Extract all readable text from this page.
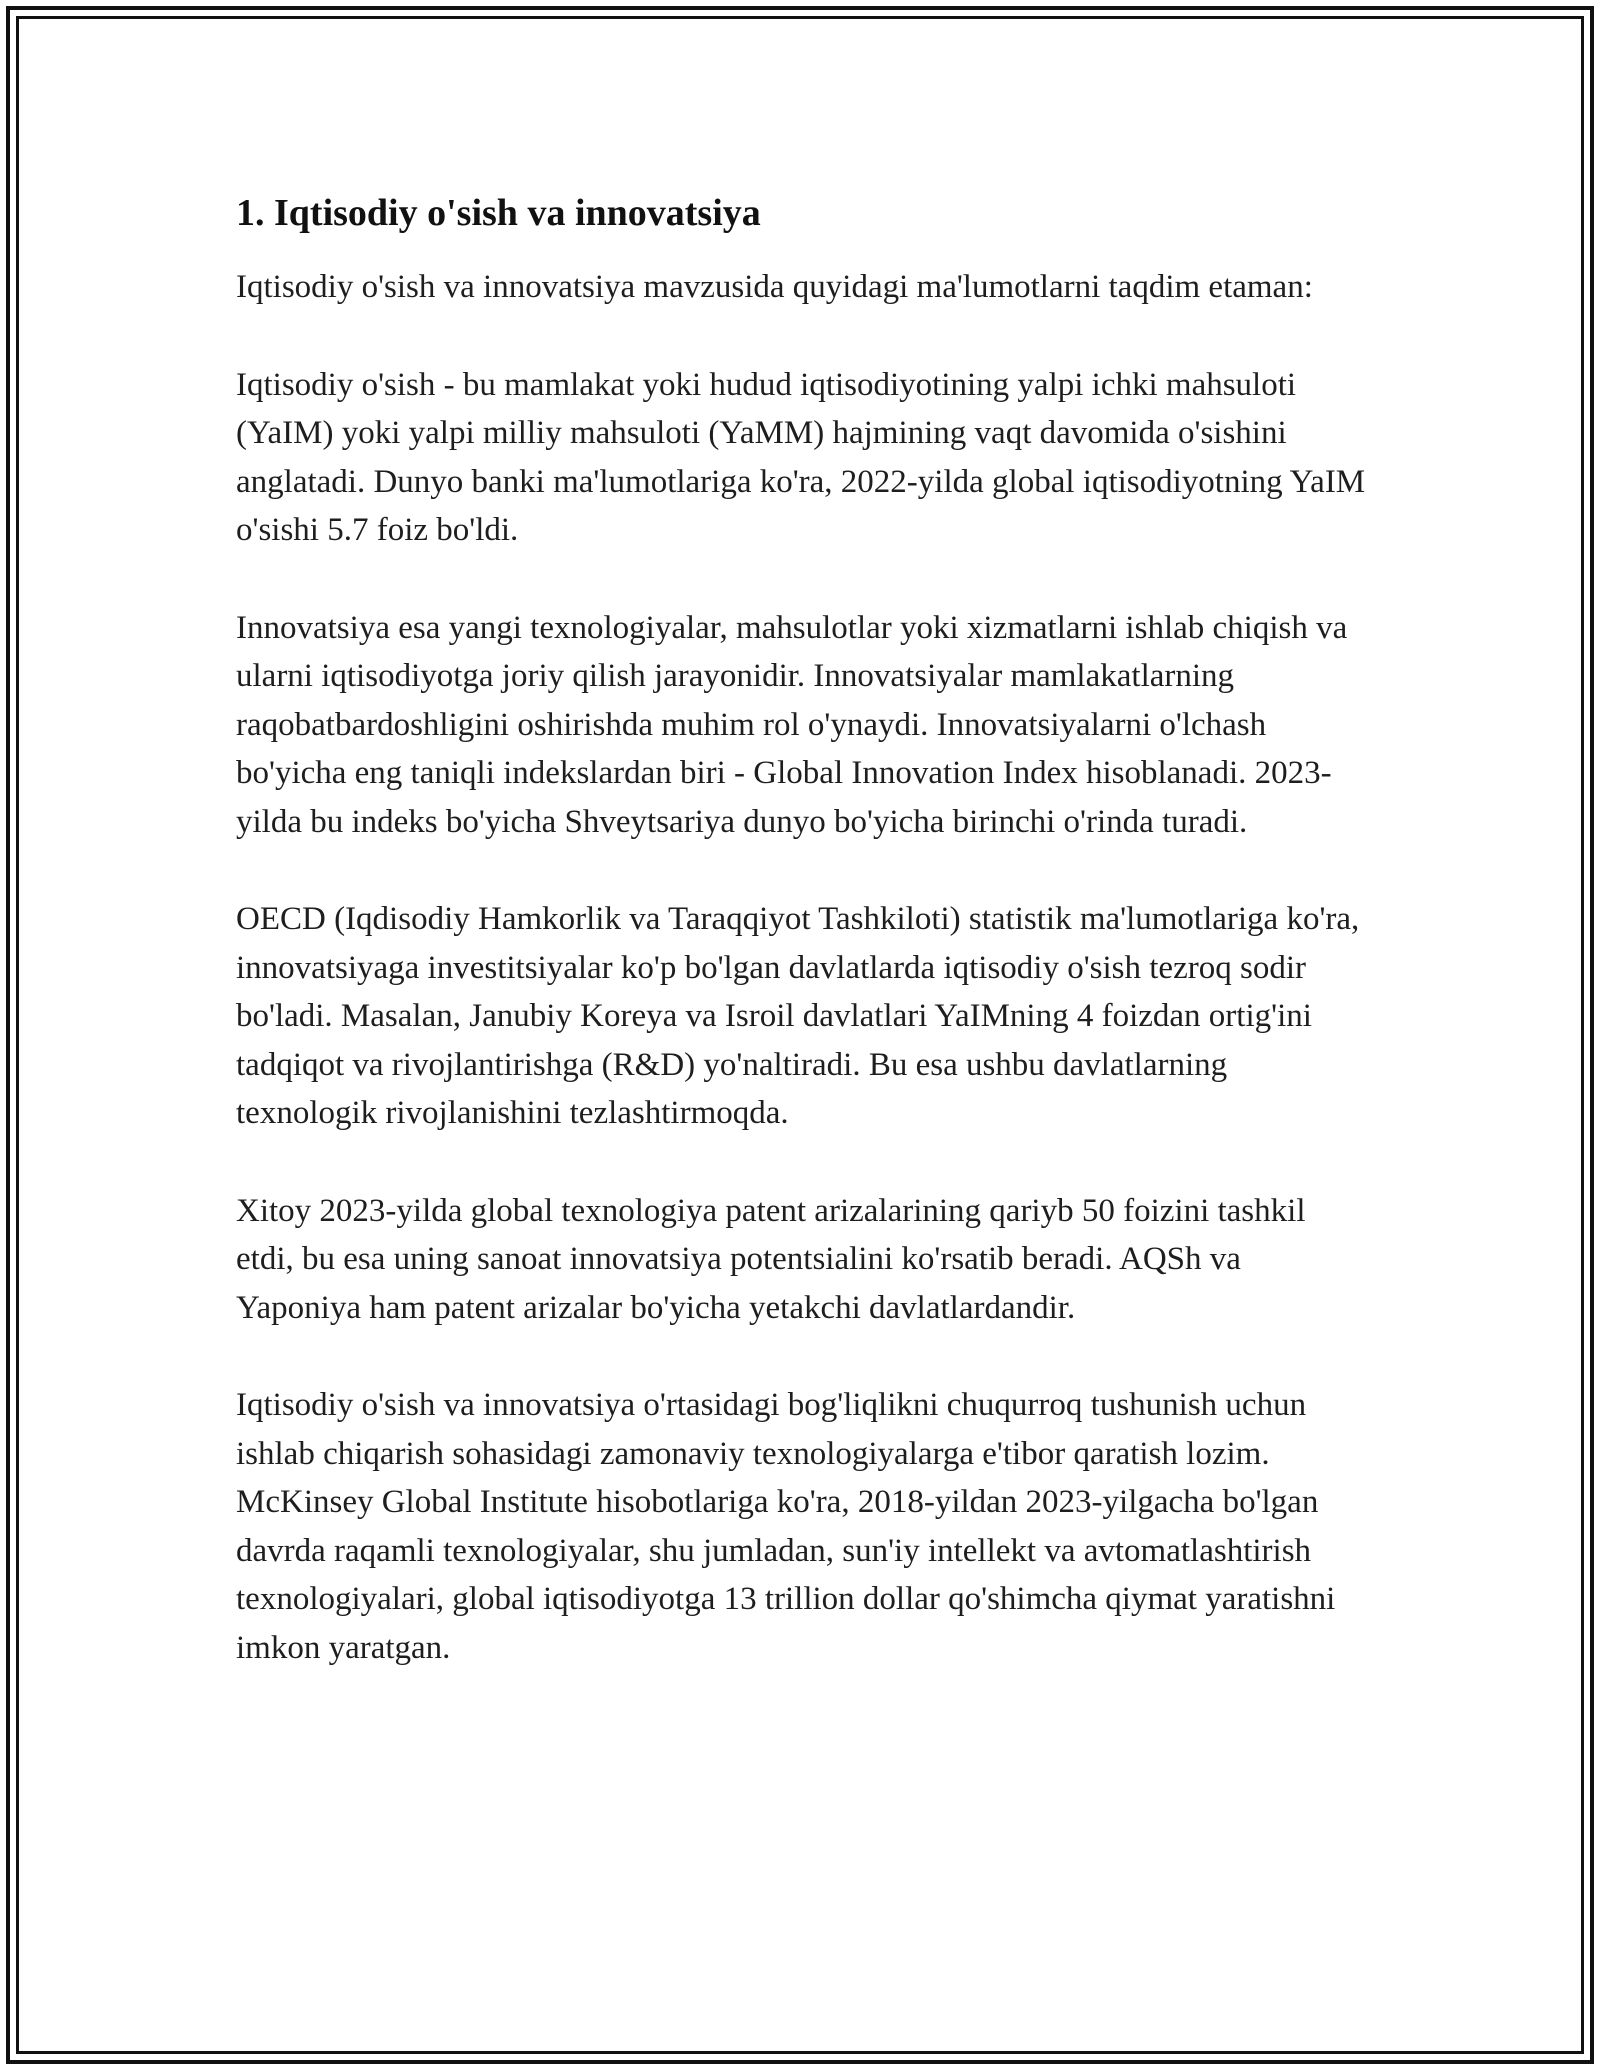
1. Iqtisodiy o'sish va innovatsiya

Iqtisodiy o'sish va innovatsiya mavzusida quyidagi ma'lumotlarni taqdim etaman:

Iqtisodiy o'sish - bu mamlakat yoki hudud iqtisodiyotining yalpi ichki mahsuloti (YaIM) yoki yalpi milliy mahsuloti (YaMM) hajmining vaqt davomida o'sishini anglatadi. Dunyo banki ma'lumotlariga ko'ra, 2022-yilda global iqtisodiyotning YaIM o'sishi 5.7 foiz bo'ldi.

Innovatsiya esa yangi texnologiyalar, mahsulotlar yoki xizmatlarni ishlab chiqish va ularni iqtisodiyotga joriy qilish jarayonidir. Innovatsiyalar mamlakatlarning raqobatbardoshligini oshirishda muhim rol o'ynaydi. Innovatsiyalarni o'lchash bo'yicha eng taniqli indekslardan biri - Global Innovation Index hisoblanadi. 2023-yilda bu indeks bo'yicha Shveytsariya dunyo bo'yicha birinchi o'rinda turadi.

OECD (Iqdisodiy Hamkorlik va Taraqqiyot Tashkiloti) statistik ma'lumotlariga ko'ra, innovatsiyaga investitsiyalar ko'p bo'lgan davlatlarda iqtisodiy o'sish tezroq sodir bo'ladi. Masalan, Janubiy Koreya va Isroil davlatlari YaIMning 4 foizdan ortig'ini tadqiqot va rivojlantirishga (R&D) yo'naltiradi. Bu esa ushbu davlatlarning texnologik rivojlanishini tezlashtirmoqda.

Xitoy 2023-yilda global texnologiya patent arizalarining qariyb 50 foizini tashkil etdi, bu esa uning sanoat innovatsiya potentsialini ko'rsatib beradi. AQSh va Yaponiya ham patent arizalar bo'yicha yetakchi davlatlardandir.

Iqtisodiy o'sish va innovatsiya o'rtasidagi bog'liqlikni chuqurroq tushunish uchun ishlab chiqarish sohasidagi zamonaviy texnologiyalarga e'tibor qaratish lozim. McKinsey Global Institute hisobotlariga ko'ra, 2018-yildan 2023-yilgacha bo'lgan davrda raqamli texnologiyalar, shu jumladan, sun'iy intellekt va avtomatlashtirish texnologiyalari, global iqtisodiyotga 13 trillion dollar qo'shimcha qiymat yaratishni imkon yaratgan.
